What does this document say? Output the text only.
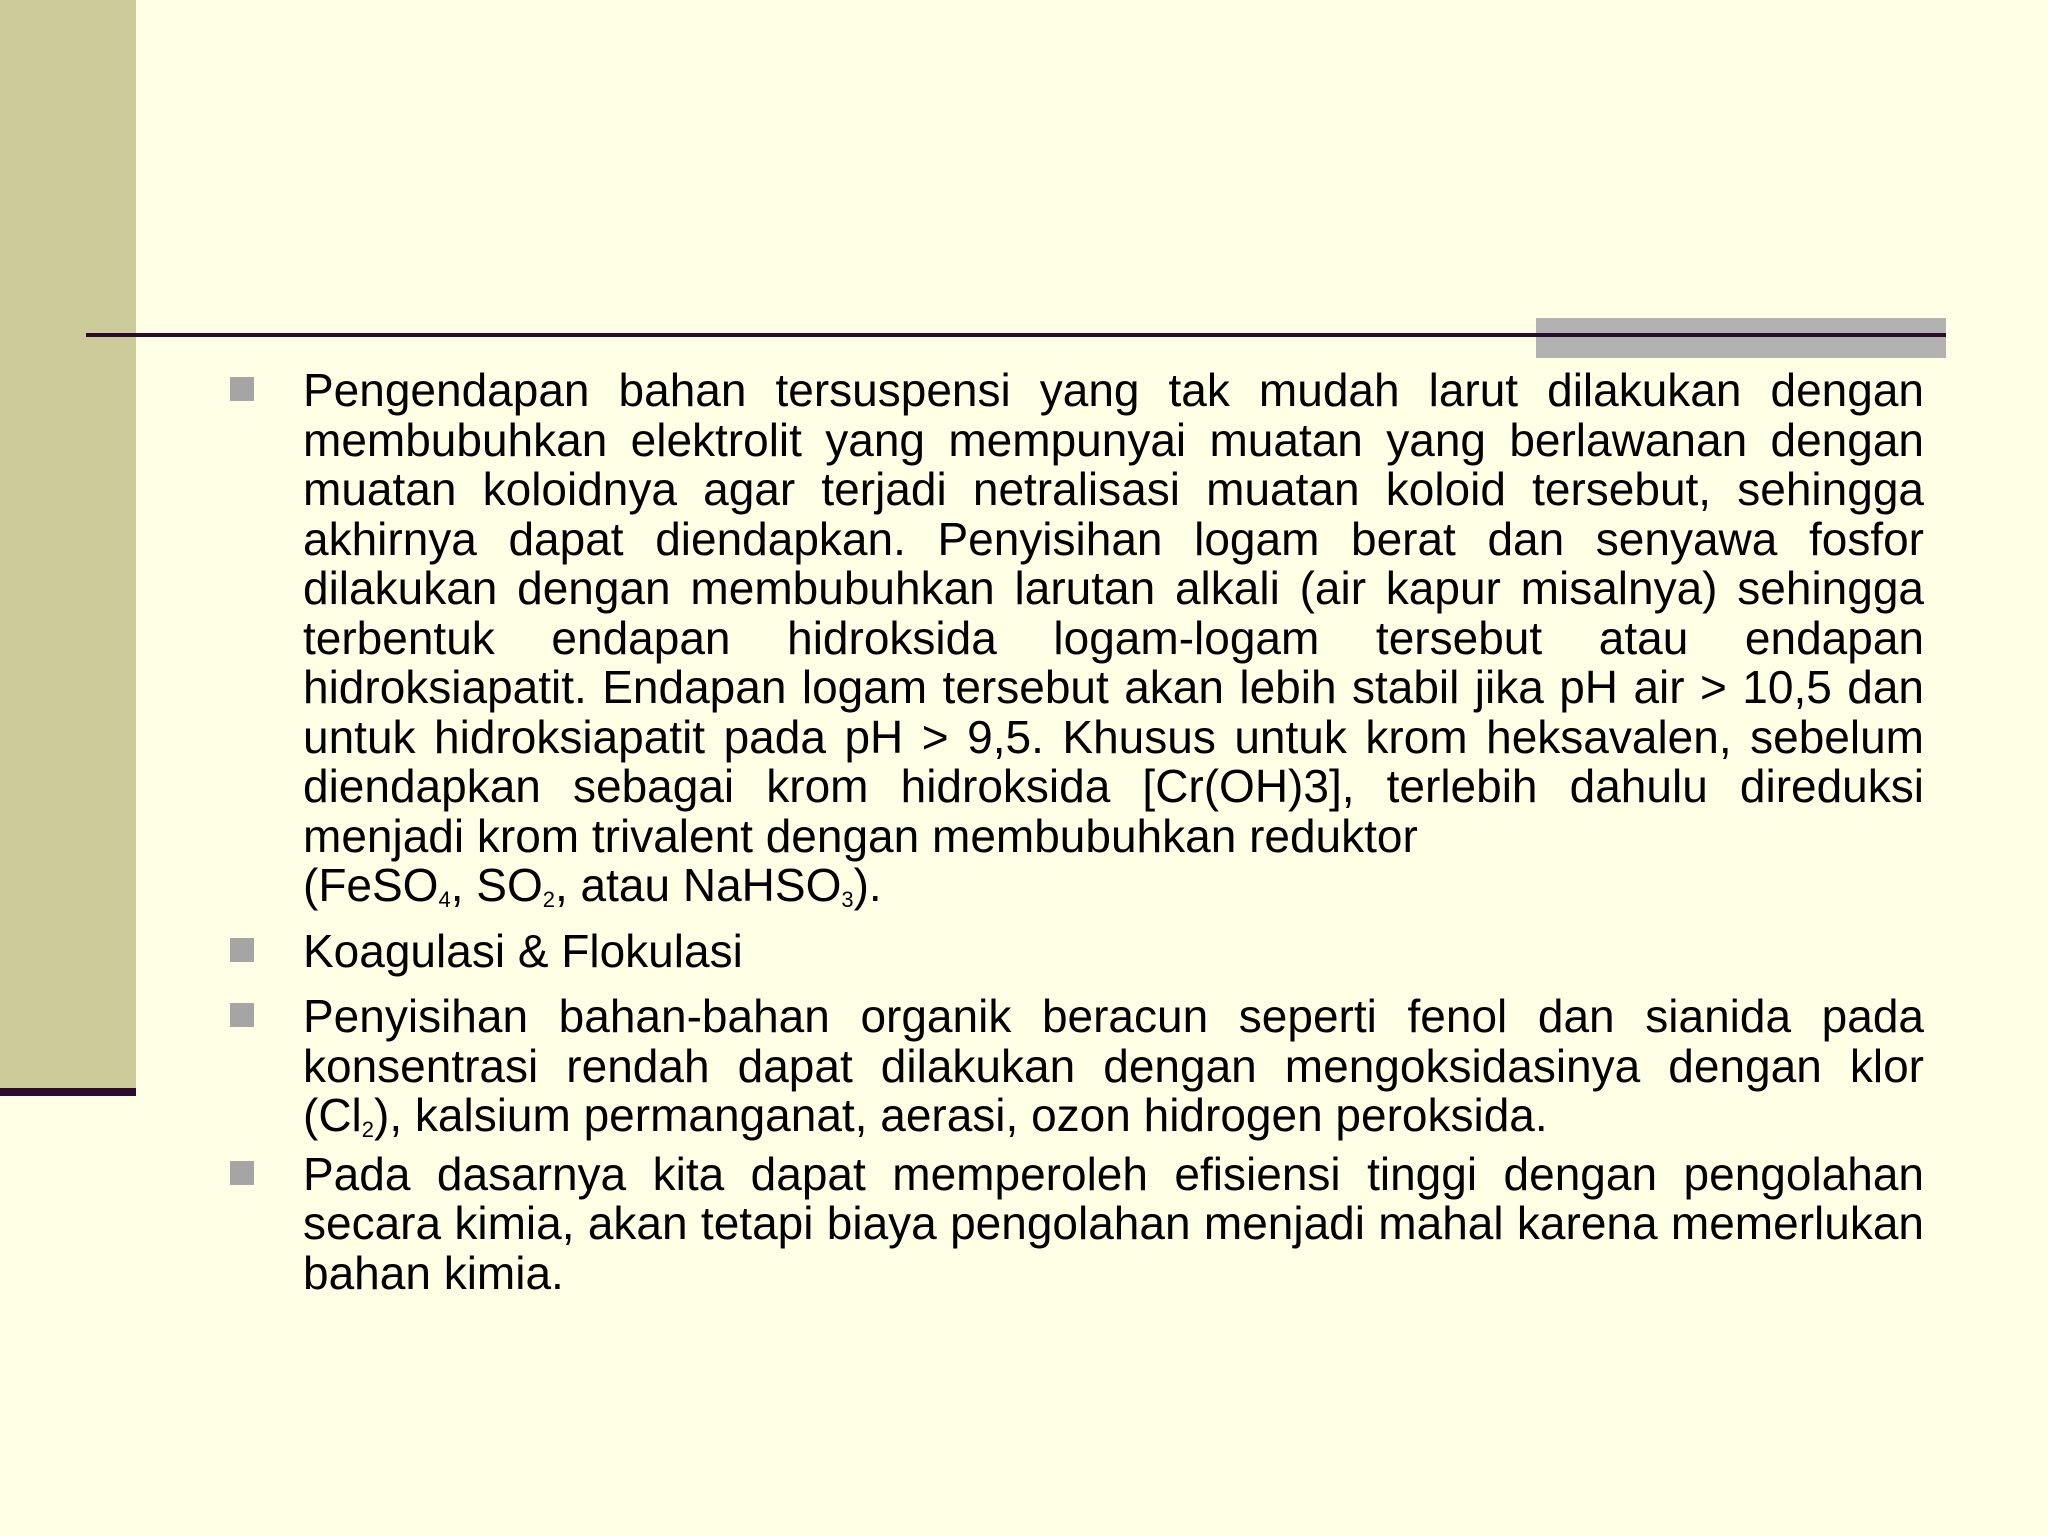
Pengendapan bahan tersuspensi yang tak mudah larut dilakukan dengan membubuhkan elektrolit yang mempunyai muatan yang berlawanan dengan muatan koloidnya agar terjadi netralisasi muatan koloid tersebut, sehingga akhirnya dapat diendapkan. Penyisihan logam berat dan senyawa fosfor dilakukan dengan membubuhkan larutan alkali (air kapur misalnya) sehingga terbentuk endapan hidroksida logam-logam tersebut atau endapan hidroksiapatit. Endapan logam tersebut akan lebih stabil jika pH air > 10,5 dan untuk hidroksiapatit pada pH > 9,5. Khusus untuk krom heksavalen, sebelum diendapkan sebagai krom hidroksida [Cr(OH)3], terlebih dahulu direduksi menjadi krom trivalent dengan membubuhkan reduktor
(FeSO$_4$, $SO_2$, atau NaHSO$_3$).
Koagulasi & Flokulasi
Penyisihan bahan-bahan organik beracun seperti fenol dan sianida pada konsentrasi rendah dapat dilakukan dengan mengoksidasinya dengan klor $(Cl_2)$, kalsium permanganat, aerasi, ozon hidrogen peroksida.
Pada dasarnya kita dapat memperoleh efisiensi tinggi dengan pengolahan secara kimia, akan tetapi biaya pengolahan menjadi mahal karena memerlukan bahan kimia.
